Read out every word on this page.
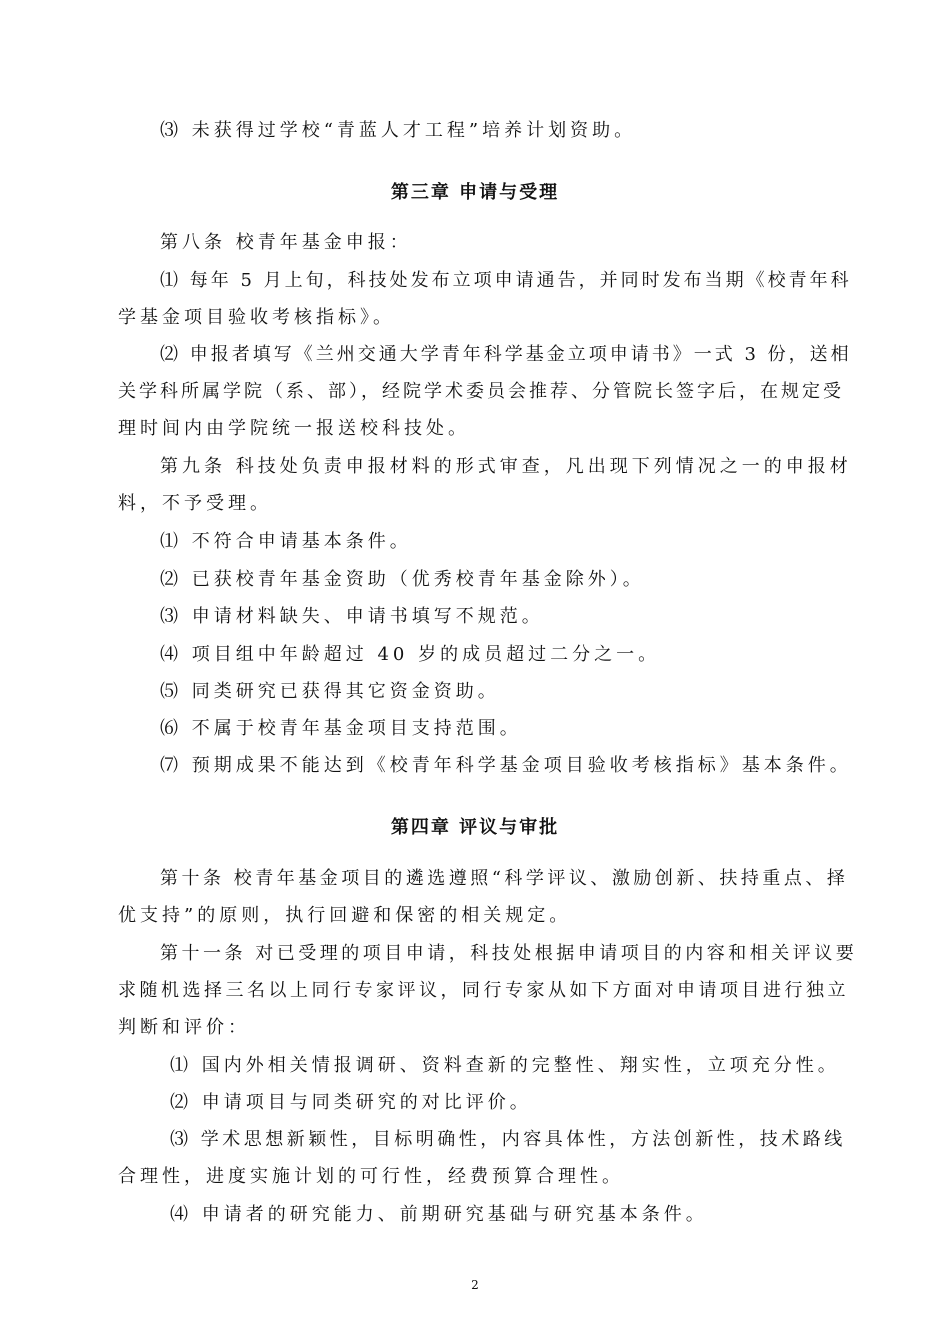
⑶ 未获得过学校“青蓝人才工程”培养计划资助。
第三章 申请与受理
第八条 校青年基金申报：
⑴ 每年 5 月上旬，科技处发布立项申请通告，并同时发布当期《校青年科
学基金项目验收考核指标》。
⑵ 申报者填写《兰州交通大学青年科学基金立项申请书》一式 3 份，送相
关学科所属学院（系、部），经院学术委员会推荐、分管院长签字后，在规定受
理时间内由学院统一报送校科技处。
第九条 科技处负责申报材料的形式审查，凡出现下列情况之一的申报材
料，不予受理。
⑴ 不符合申请基本条件。
⑵ 已获校青年基金资助（优秀校青年基金除外）。
⑶ 申请材料缺失、申请书填写不规范。
⑷ 项目组中年龄超过 40 岁的成员超过二分之一。
⑸ 同类研究已获得其它资金资助。
⑹ 不属于校青年基金项目支持范围。
⑺ 预期成果不能达到《校青年科学基金项目验收考核指标》基本条件。
第四章 评议与审批
第十条 校青年基金项目的遴选遵照“科学评议、激励创新、扶持重点、择
优支持”的原则，执行回避和保密的相关规定。
第十一条 对已受理的项目申请，科技处根据申请项目的内容和相关评议要
求随机选择三名以上同行专家评议，同行专家从如下方面对申请项目进行独立
判断和评价：
⑴ 国内外相关情报调研、资料查新的完整性、翔实性，立项充分性。
⑵ 申请项目与同类研究的对比评价。
⑶ 学术思想新颖性，目标明确性，内容具体性，方法创新性，技术路线
合理性，进度实施计划的可行性，经费预算合理性。
⑷ 申请者的研究能力、前期研究基础与研究基本条件。
2
